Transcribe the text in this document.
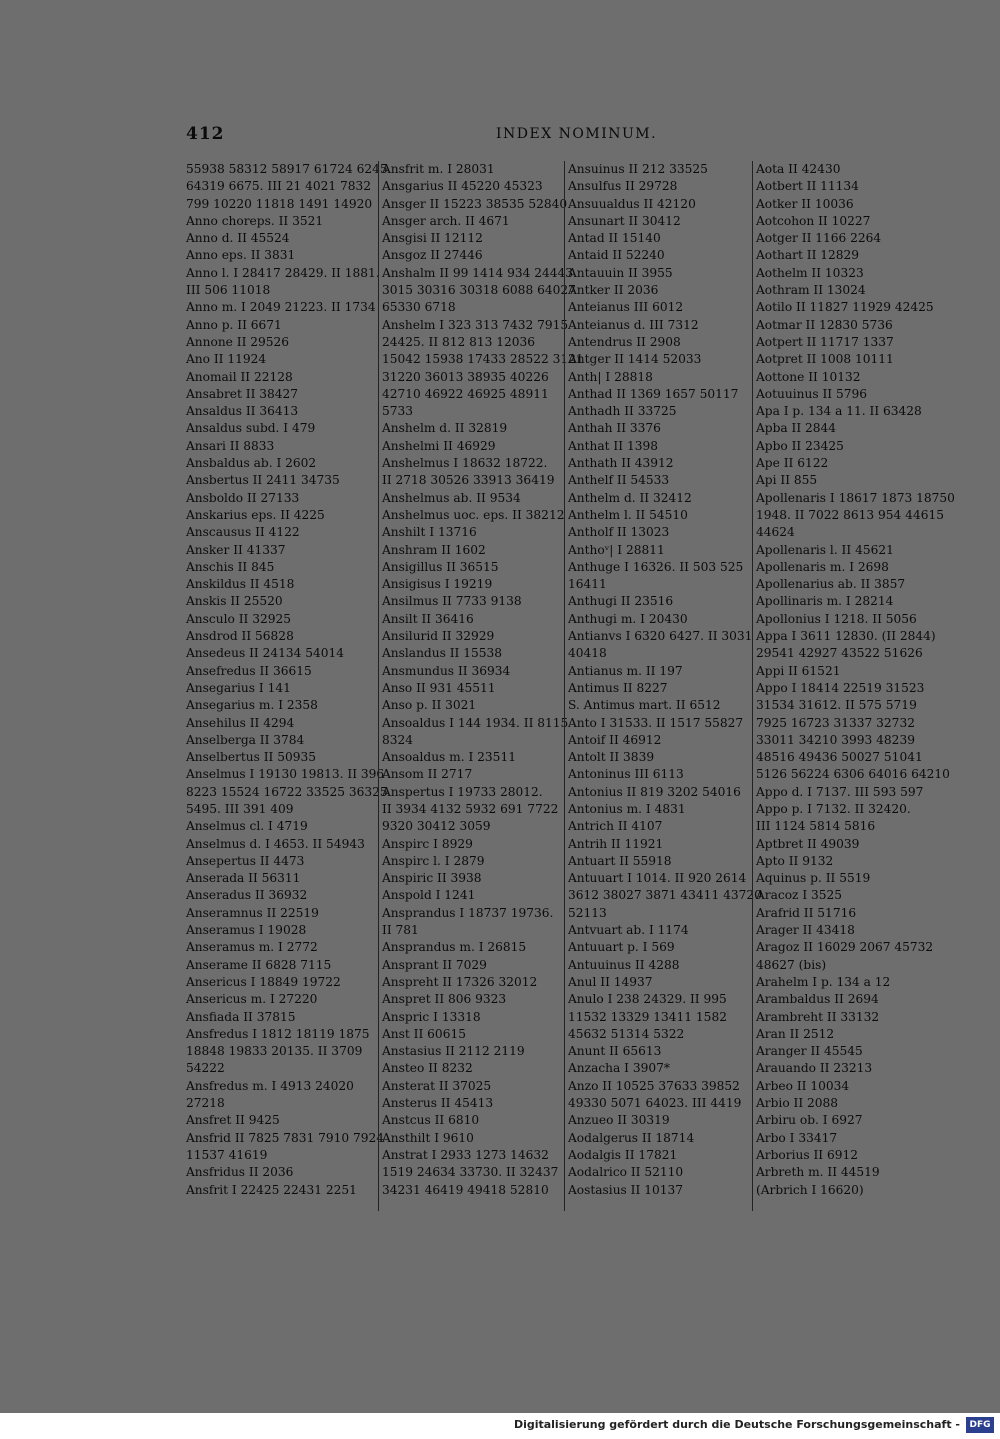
412	INDEX NOMINUM.
55938 58312 58917 61724 6245
64319 6675. III 21 4021 7832
799 10220 11818 1491 14920
Anno choreps. II 3521
Anno d. II 45524
Anno eps. II 3831
Anno l. I 28417 28429. II 1881.
III 506 11018
Anno m. I 2049 21223. II 1734
Anno p. II 6671
Annone II 29526
Ano II 11924
Anomail II 22128
Ansabret II 38427
Ansaldus II 36413
Ansaldus subd. I 479
Ansari II 8833
Ansbaldus ab. I 2602
Ansbertus II 2411 34735
Ansboldo II 27133
Anskarius eps. II 4225
Anscausus II 4122
Ansker II 41337
Anschis II 845
Anskildus II 4518
Anskis II 25520
Ansculo II 32925
Ansdrod II 56828
Ansedeus II 24134 54014
Ansefredus II 36615
Ansegarius I 141
Ansegarius m. I 2358
Ansehilus II 4294
Anselberga II 3784
Anselbertus II 50935
Anselmus I 19130 19813. II 396
8223 15524 16722 33525 36325
5495. III 391 409
Anselmus cl. I 4719
Anselmus d. I 4653. II 54943
Ansepertus II 4473
Anserada II 56311
Anseradus II 36932
Anseramnus II 22519
Anseramus I 19028
Anseramus m. I 2772
Anserame II 6828 7115
Ansericus I 18849 19722
Ansericus m. I 27220
Ansfiada II 37815
Ansfredus I 1812 18119 1875
18848 19833 20135. II 3709
54222
Ansfredus m. I 4913 24020
27218
Ansfret II 9425
Ansfrid II 7825 7831 7910 7924
11537 41619
Ansfridus II 2036
Ansfrit I 22425 22431 2251
Ansfrit m. I 28031
Ansgarius II 45220 45323
Ansger II 15223 38535 52840
Ansger arch. II 4671
Ansgisi II 12112
Ansgoz II 27446
Anshalm II 99 1414 934 24443
3015 30316 30318 6088 64027
65330 6718
Anshelm I 323 313 7432 7915
24425. II 812 813 12036
15042 15938 17433 28522 3121
31220 36013 38935 40226
42710 46922 46925 48911
5733
Anshelm d. II 32819
Anshelmi II 46929
Anshelmus I 18632 18722.
II 2718 30526 33913 36419
Anshelmus ab. II 9534
Anshelmus uoc. eps. II 38212
Anshilt I 13716
Anshram II 1602
Ansigillus II 36515
Ansigisus I 19219
Ansilmus II 7733 9138
Ansilt II 36416
Ansilurid II 32929
Anslandus II 15538
Ansmundus II 36934
Anso II 931 45511
Anso p. II 3021
Ansoaldus I 144 1934. II 8115
8324
Ansoaldus m. I 23511
Ansom II 2717
Anspertus I 19733 28012.
II 3934 4132 5932 691 7722
9320 30412 3059
Anspirc I 8929
Anspirc l. I 2879
Anspiric II 3938
Anspold I 1241
Ansprandus I 18737 19736.
II 781
Ansprandus m. I 26815
Ansprant II 7029
Anspreht II 17326 32012
Anspret II 806 9323
Anspric I 13318
Anst II 60615
Anstasius II 2112 2119
Ansteo II 8232
Ansterat II 37025
Ansterus II 45413
Anstcus II 6810
Ansthilt I 9610
Anstrat I 2933 1273 14632
1519 24634 33730. II 32437
34231 46419 49418 52810
Ansuinus II 212 33525
Ansulfus II 29728
Ansuualdus II 42120
Ansunart II 30412
Antad II 15140
Antaid II 52240
Antauuin II 3955
Antker II 2036
Anteianus III 6012
Anteianus d. III 7312
Antendrus II 2908
Antger II 1414 52033
Anth| I 28818
Anthad II 1369 1657 50117
Anthadh II 33725
Anthah II 3376
Anthat II 1398
Anthath II 43912
Anthelf II 54533
Anthelm d. II 32412
Anthelm l. II 54510
Antholf II 13023
Anthoᵛ| I 28811
Anthuge I 16326. II 503 525
16411
Anthugi II 23516
Anthugi m. I 20430
Antianvs I 6320 6427. II 3031
40418
Antianus m. II 197
Antimus II 8227
S. Antimus mart. II 6512
Anto I 31533. II 1517 55827
Antoif II 46912
Antolt II 3839
Antoninus III 6113
Antonius II 819 3202 54016
Antonius m. I 4831
Antrich II 4107
Antrih II 11921
Antuart II 55918
Antuuart I 1014. II 920 2614
3612 38027 3871 43411 43720
52113
Antvuart ab. I 1174
Antuuart p. I 569
Antuuinus II 4288
Anul II 14937
Anulo I 238 24329. II 995
11532 13329 13411 1582
45632 51314 5322
Anunt II 65613
Anzacha I 3907*
Anzo II 10525 37633 39852
49330 5071 64023. III 4419
Anzueo II 30319
Aodalgerus II 18714
Aodalgis II 17821
Aodalrico II 52110
Aostasius II 10137
Aota II 42430
Aotbert II 11134
Aotker II 10036
Aotcohon II 10227
Aotger II 1166 2264
Aothart II 12829
Aothelm II 10323
Aothram II 13024
Aotilo II 11827 11929 42425
Aotmar II 12830 5736
Aotpert II 11717 1337
Aotpret II 1008 10111
Aottone II 10132
Aotuuinus II 5796
Apa I p. 134 a 11. II 63428
Apba II 2844
Apbo II 23425
Ape II 6122
Api II 855
Apollenaris I 18617 1873 18750
1948. II 7022 8613 954 44615
44624
Apollenaris l. II 45621
Apollenaris m. I 2698
Apollenarius ab. II 3857
Apollinaris m. I 28214
Apollonius I 1218. II 5056
Appa I 3611 12830. (II 2844)
29541 42927 43522 51626
Appi II 61521
Appo I 18414 22519 31523
31534 31612. II 575 5719
7925 16723 31337 32732
33011 34210 3993 48239
48516 49436 50027 51041
5126 56224 6306 64016 64210
Appo d. I 7137. III 593 597
Appo p. I 7132. II 32420.
III 1124 5814 5816
Aptbret II 49039
Apto II 9132
Aquinus p. II 5519
Aracoz I 3525
Arafrid II 51716
Arager II 43418
Aragoz II 16029 2067 45732
48627 (bis)
Arahelm I p. 134 a 12
Arambaldus II 2694
Arambreht II 33132
Aran II 2512
Aranger II 45545
Arauando II 23213
Arbeo II 10034
Arbio II 2088
Arbiru ob. I 6927
Arbo I 33417
Arborius II 6912
Arbreth m. II 44519
(Arbrich I 16620)
Digitalisierung gefördert durch die Deutsche Forschungsgemeinschaft -	DFG
